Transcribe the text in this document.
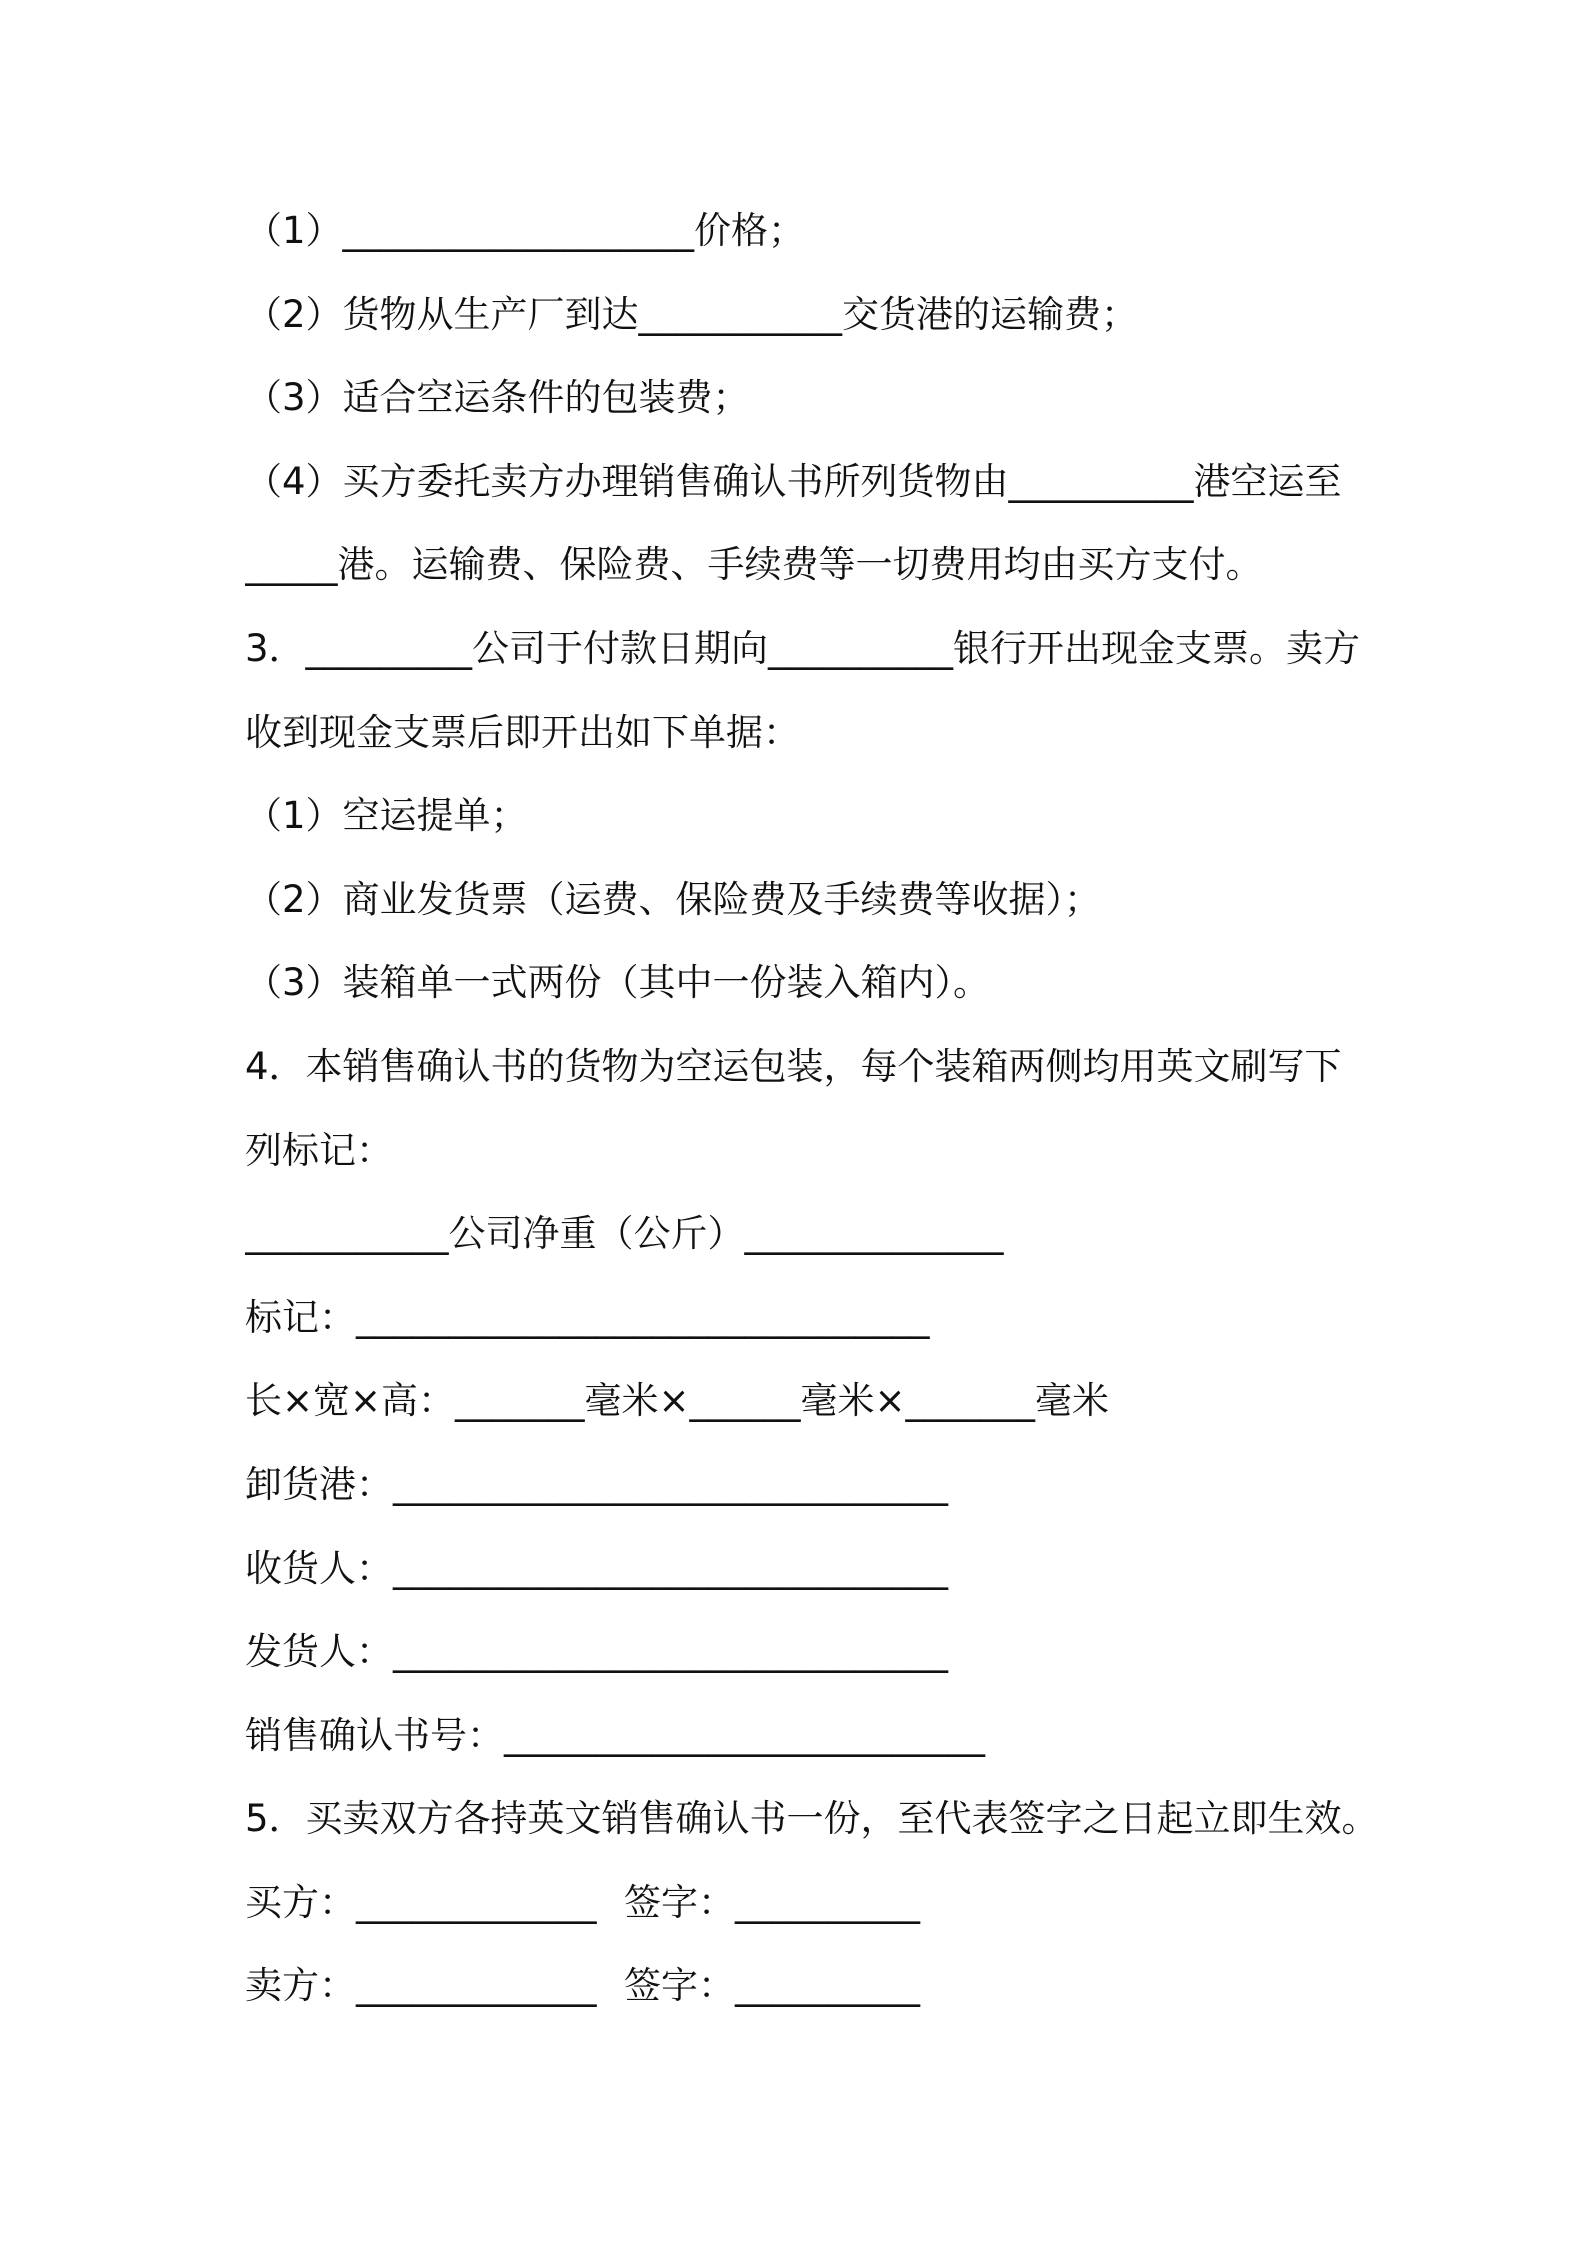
（1）___________________价格；
（2）货物从生产厂到达___________交货港的运输费；
（3）适合空运条件的包装费；
（4）买方委托卖方办理销售确认书所列货物由__________港空运至
_____港。运输费、保险费、手续费等一切费用均由买方支付。
3．_________公司于付款日期向__________银行开出现金支票。卖方
收到现金支票后即开出如下单据：
（1）空运提单；
（2）商业发货票（运费、保险费及手续费等收据）；
（3）装箱单一式两份（其中一份装入箱内）。
4．本销售确认书的货物为空运包装，每个装箱两侧均用英文刷写下
列标记：
___________公司净重（公斤）______________
标记：_______________________________
长×宽×高：_______毫米×______毫米×_______毫米
卸货港：______________________________
收货人：______________________________
发货人：______________________________
销售确认书号：__________________________
5．买卖双方各持英文销售确认书一份，至代表签字之日起立即生效。
买方：_____________ 签字：__________
卖方：_____________ 签字：__________
